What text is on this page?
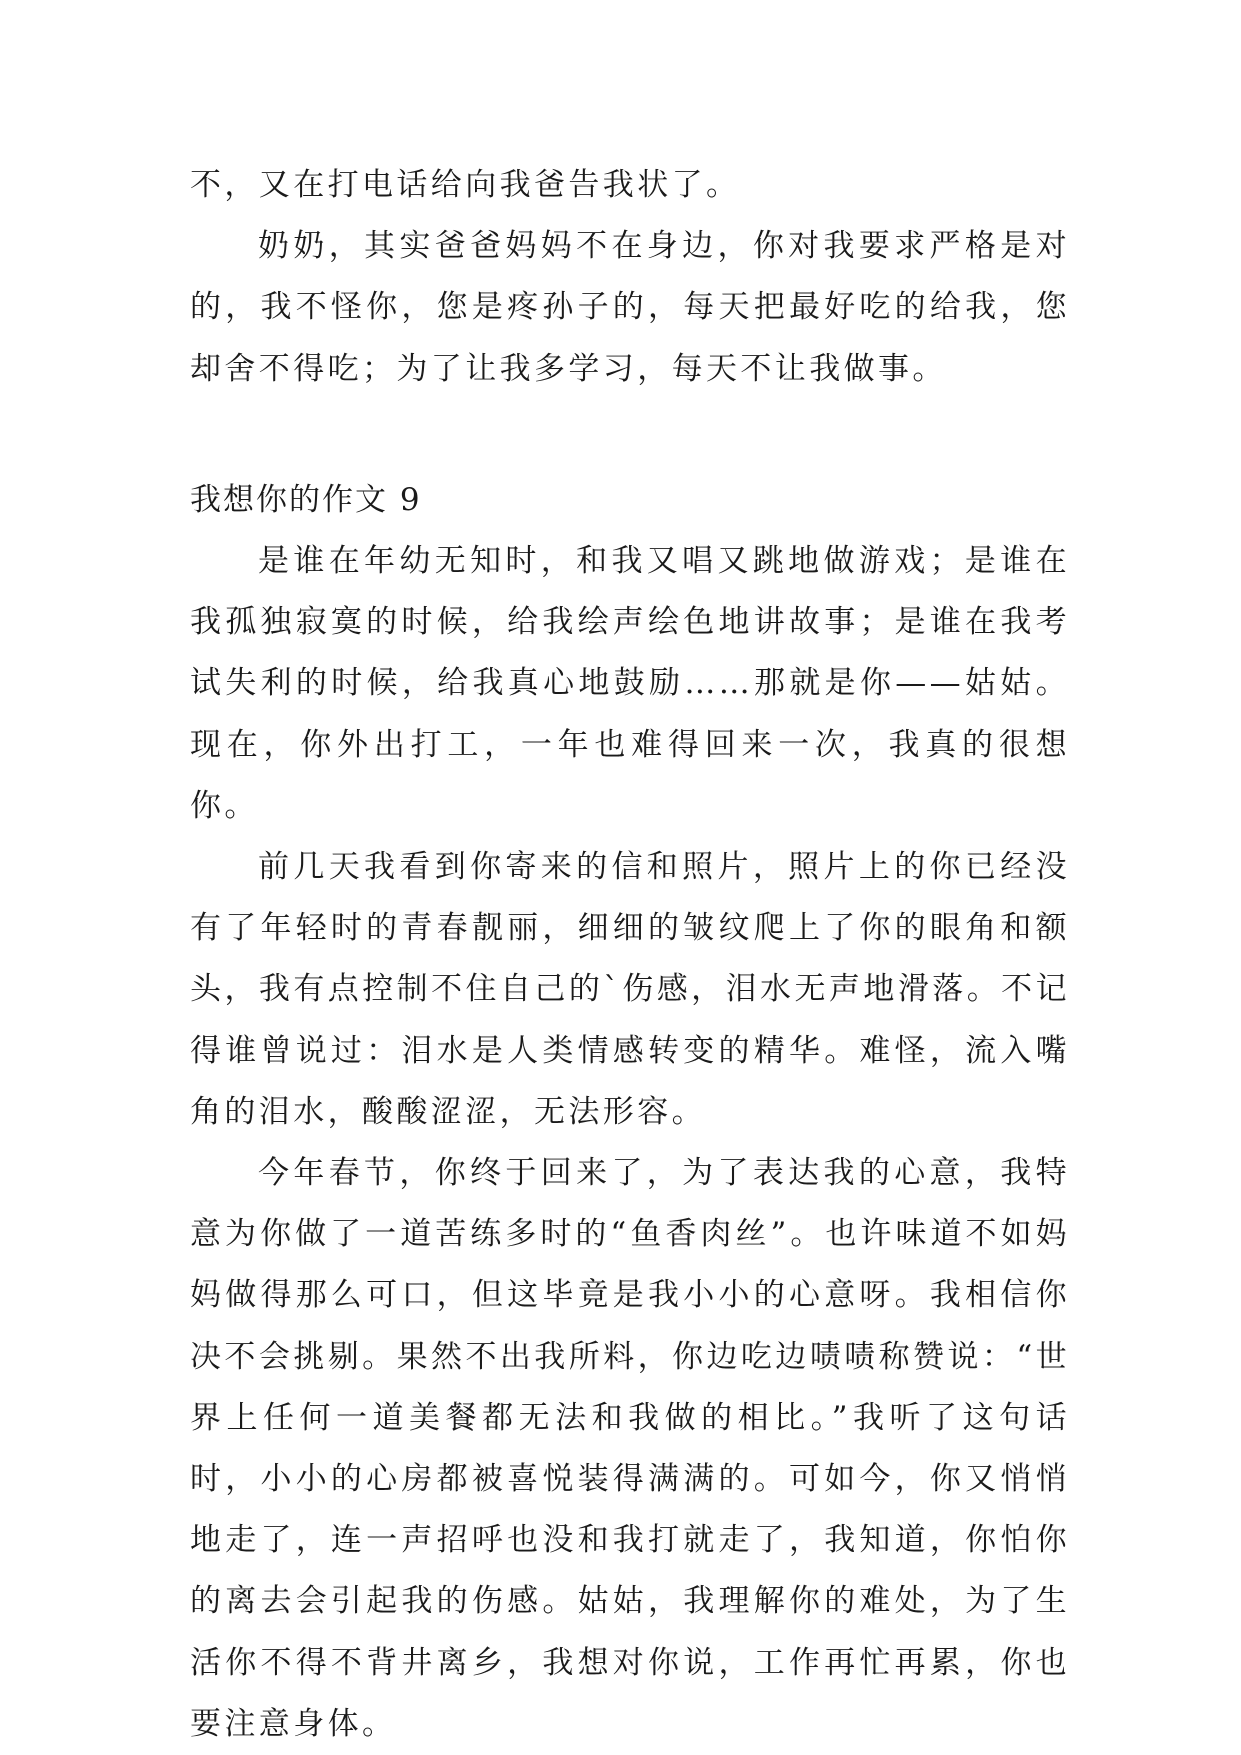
不，又在打电话给向我爸告我状了。

奶奶，其实爸爸妈妈不在身边，你对我要求严格是对的，我不怪你，您是疼孙子的，每天把最好吃的给我，您却舍不得吃；为了让我多学习，每天不让我做事。

我想你的作文 9

是谁在年幼无知时，和我又唱又跳地做游戏；是谁在我孤独寂寞的时候，给我绘声绘色地讲故事；是谁在我考试失利的时候，给我真心地鼓励……那就是你——姑姑。现在，你外出打工，一年也难得回来一次，我真的很想你。

前几天我看到你寄来的信和照片，照片上的你已经没有了年轻时的青春靓丽，细细的皱纹爬上了你的眼角和额头，我有点控制不住自己的`伤感，泪水无声地滑落。不记得谁曾说过：泪水是人类情感转变的精华。难怪，流入嘴角的泪水，酸酸涩涩，无法形容。

今年春节，你终于回来了，为了表达我的心意，我特意为你做了一道苦练多时的“鱼香肉丝”。也许味道不如妈妈做得那么可口，但这毕竟是我小小的心意呀。我相信你决不会挑剔。果然不出我所料，你边吃边啧啧称赞说：“世界上任何一道美餐都无法和我做的相比。”我听了这句话时，小小的心房都被喜悦装得满满的。可如今，你又悄悄地走了，连一声招呼也没和我打就走了，我知道，你怕你的离去会引起我的伤感。姑姑，我理解你的难处，为了生活你不得不背井离乡，我想对你说，工作再忙再累，你也要注意身体。
